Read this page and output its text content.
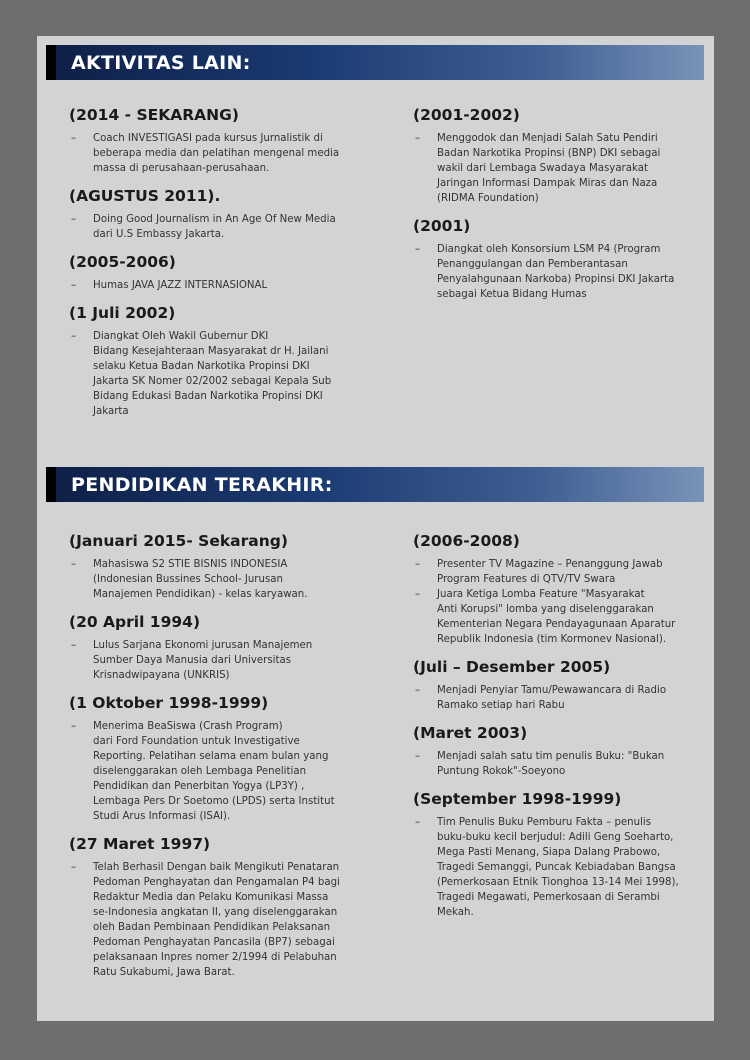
AKTIVITAS LAIN:
(2014 - SEKARANG)
– Coach INVESTIGASI pada kursus Jurnalistik di
beberapa media dan pelatihan mengenal media
massa di perusahaan-perusahaan.
(AGUSTUS 2011).
– Doing Good Journalism in An Age Of New Media
dari U.S Embassy Jakarta.
(2005-2006)
– Humas JAVA JAZZ INTERNASIONAL
(1 Juli 2002)
– Diangkat Oleh Wakil Gubernur DKI
Bidang Kesejahteraan Masyarakat dr H. Jailani
selaku Ketua Badan Narkotika Propinsi DKI
Jakarta SK Nomer 02/2002 sebagai Kepala Sub
Bidang Edukasi Badan Narkotika Propinsi DKI
Jakarta
(2001-2002)
– Menggodok dan Menjadi Salah Satu Pendiri
Badan Narkotika Propinsi (BNP) DKI sebagai
wakil dari Lembaga Swadaya Masyarakat
Jaringan Informasi Dampak Miras dan Naza
(RIDMA Foundation)
(2001)
– Diangkat oleh Konsorsium LSM P4 (Program
Penanggulangan dan Pemberantasan
Penyalahgunaan Narkoba) Propinsi DKI Jakarta
sebagai Ketua Bidang Humas
PENDIDIKAN TERAKHIR:
(Januari 2015- Sekarang)
– Mahasiswa S2 STIE BISNIS INDONESIA
(Indonesian Bussines School- Jurusan
Manajemen Pendidikan) - kelas karyawan.
(20 April 1994)
– Lulus Sarjana Ekonomi jurusan Manajemen
Sumber Daya Manusia dari Universitas
Krisnadwipayana (UNKRIS)
(1 Oktober 1998-1999)
– Menerima BeaSiswa (Crash Program)
dari Ford Foundation untuk Investigative
Reporting. Pelatihan selama enam bulan yang
diselenggarakan oleh Lembaga Penelitian
Pendidikan dan Penerbitan Yogya (LP3Y) ,
Lembaga Pers Dr Soetomo (LPDS) serta Institut
Studi Arus Informasi (ISAI).
(27 Maret 1997)
– Telah Berhasil Dengan baik Mengikuti Penataran
Pedoman Penghayatan dan Pengamalan P4 bagi
Redaktur Media dan Pelaku Komunikasi Massa
se-Indonesia angkatan II, yang diselenggarakan
oleh Badan Pembinaan Pendidikan Pelaksanan
Pedoman Penghayatan Pancasila (BP7) sebagai
pelaksanaan Inpres nomer 2/1994 di Pelabuhan
Ratu Sukabumi, Jawa Barat.
(2006-2008)
– Presenter TV Magazine – Penanggung Jawab
Program Features di QTV/TV Swara
– Juara Ketiga Lomba Feature "Masyarakat
Anti Korupsi" lomba yang diselenggarakan
Kementerian Negara Pendayagunaan Aparatur
Republik Indonesia (tim Kormonev Nasional).
(Juli – Desember 2005)
– Menjadi Penyiar Tamu/Pewawancara di Radio
Ramako setiap hari Rabu
(Maret 2003)
– Menjadi salah satu tim penulis Buku: "Bukan
Puntung Rokok"-Soeyono
(September 1998-1999)
– Tim Penulis Buku Pemburu Fakta – penulis
buku-buku kecil berjudul: Adili Geng Soeharto,
Mega Pasti Menang, Siapa Dalang Prabowo,
Tragedi Semanggi, Puncak Kebiadaban Bangsa
(Pemerkosaan Etnik Tionghoa 13-14 Mei 1998),
Tragedi Megawati, Pemerkosaan di Serambi
Mekah.
